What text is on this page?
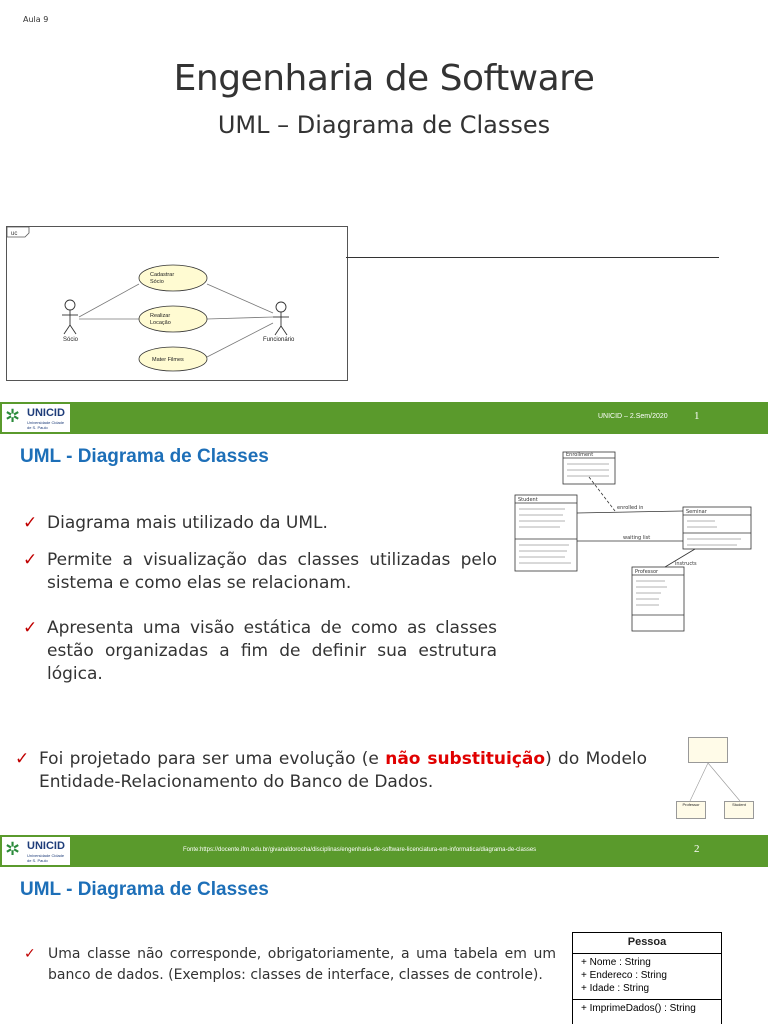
Aula 9
Engenharia de Software
UML – Diagrama de Classes
uc
Cadastrar
Sócio
Realizar
Locação
Mater Filmes
Sócio	Funcionário
✲ UNICID
Universidade Cidade de S. Paulo
UNICID – 2.Sem/2020 1
UML - Diagrama de Classes
✓ Diagrama mais utilizado da UML.
✓ Permite a visualização das classes utilizadas pelo sistema e como elas se relacionam.
✓ Apresenta uma visão estática de como as classes estão organizadas a fim de definir sua estrutura lógica.
✓ Foi projetado para ser uma evolução (e não substituição) do Modelo Entidade-Relacionamento do Banco de Dados.
Enrollment
Student
Seminar
Professor
enrolled in
waiting list
instructs
Professor	Student
✲ UNICID
Universidade Cidade de S. Paulo
Fonte:https://docente.ifrn.edu.br/givanaldorocha/disciplinas/engenharia-de-software-licenciatura-em-informatica/diagrama-de-classes	2
UML - Diagrama de Classes
✓ Uma classe não corresponde, obrigatoriamente, a uma tabela em um banco de dados. (Exemplos: classes de interface, classes de controle).
Pessoa
+ Nome : String
+ Endereco : String
+ Idade : String
+ ImprimeDados() : String
